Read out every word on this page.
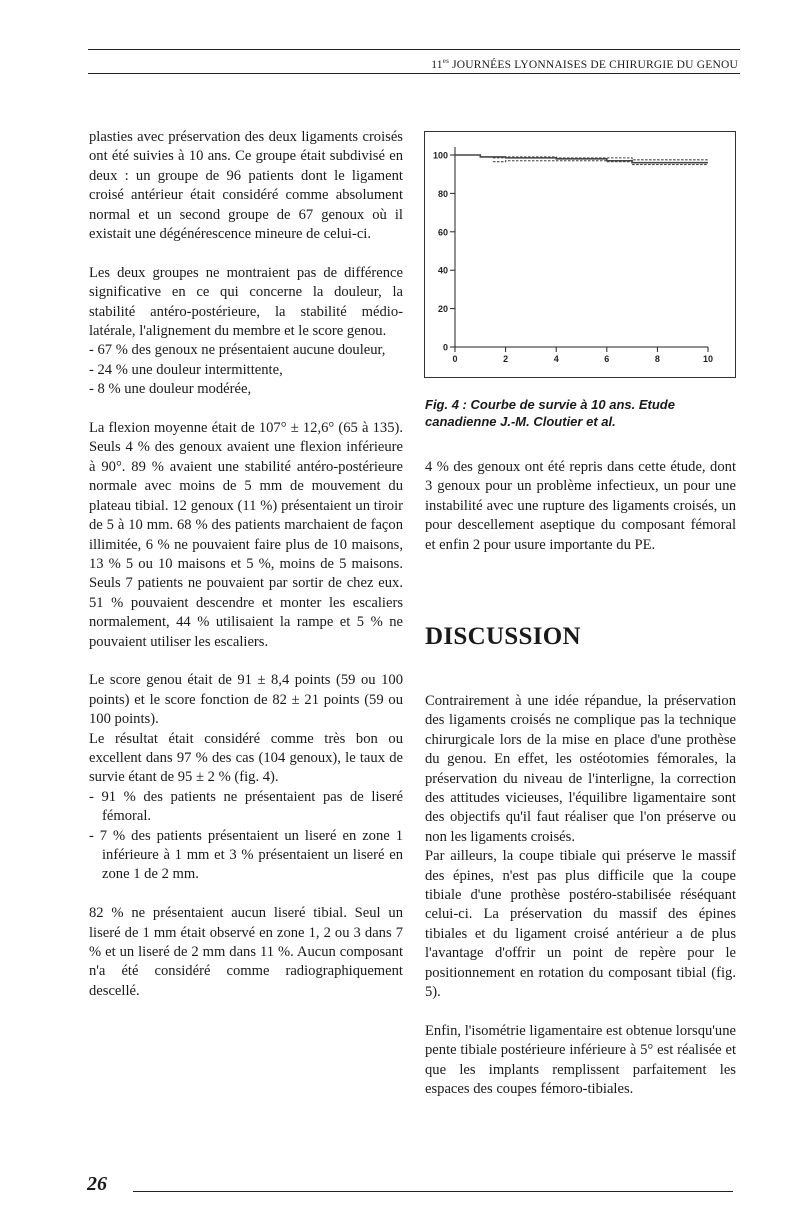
$11^{es}$ JOURNÉES LYONNAISES DE CHIRURGIE DU GENOU

plasties avec préservation des deux ligaments croisés ont été suivies à 10 ans. Ce groupe était subdivisé en deux : un groupe de 96 patients dont le ligament croisé antérieur était considéré comme absolument normal et un second groupe de 67 genoux où il existait une dégénérescence mineure de celui-ci.

Les deux groupes ne montraient pas de différence significative en ce qui concerne la douleur, la stabilité antéro-postérieure, la stabilité médio-latérale, l'alignement du membre et le score genou.

- 67 % des genoux ne présentaient aucune douleur,

- 24 % une douleur intermittente,

- 8 % une douleur modérée,

La flexion moyenne était de 107° ± 12,6° (65 à 135). Seuls 4 % des genoux avaient une flexion inférieure à 90°. 89 % avaient une stabilité antéro-postérieure normale avec moins de 5 mm de mouvement du plateau tibial. 12 genoux (11 %) présentaient un tiroir de 5 à 10 mm. 68 % des patients marchaient de façon illimitée, 6 % ne pouvaient faire plus de 10 maisons, 13 % 5 ou 10 maisons et 5 %, moins de 5 maisons. Seuls 7 patients ne pouvaient par sortir de chez eux. 51 % pouvaient descendre et monter les escaliers normalement, 44 % utilisaient la rampe et 5 % ne pouvaient utiliser les escaliers.

Le score genou était de 91 ± 8,4 points (59 ou 100 points) et le score fonction de 82 ± 21 points (59 ou 100 points).

Le résultat était considéré comme très bon ou excellent dans 97 % des cas (104 genoux), le taux de survie étant de 95 ± 2 % (fig. 4).

- 91 % des patients ne présentaient pas de liseré fémoral.

- 7 % des patients présentaient un liseré en zone 1 inférieure à 1 mm et 3 % présentaient un liseré en zone 1 de 2 mm.

82 % ne présentaient aucun liseré tibial. Seul un liseré de 1 mm était observé en zone 1, 2 ou 3 dans 7 % et un liseré de 2 mm dans 11 %. Aucun composant n'a été considéré comme radiographiquement descellé.

0
20
40
60
80
100
0	2	4	6	8	10
Fig. 4 : Courbe de survie à 10 ans. Etude canadienne J.-M. Cloutier et al.

4 % des genoux ont été repris dans cette étude, dont 3 genoux pour un problème infectieux, un pour une instabilité avec une rupture des ligaments croisés, un pour descellement aseptique du composant fémoral et enfin 2 pour usure importante du PE.

DISCUSSION

Contrairement à une idée répandue, la préservation des ligaments croisés ne complique pas la technique chirurgicale lors de la mise en place d'une prothèse du genou. En effet, les ostéotomies fémorales, la préservation du niveau de l'interligne, la correction des attitudes vicieuses, l'équilibre ligamentaire sont des objectifs qu'il faut réaliser que l'on préserve ou non les ligaments croisés.

Par ailleurs, la coupe tibiale qui préserve le massif des épines, n'est pas plus difficile que la coupe tibiale d'une prothèse postéro-stabilisée réséquant celui-ci. La préservation du massif des épines tibiales et du ligament croisé antérieur a de plus l'avantage d'offrir un point de repère pour le positionnement en rotation du composant tibial (fig. 5).

Enfin, l'isométrie ligamentaire est obtenue lorsqu'une pente tibiale postérieure inférieure à 5° est réalisée et que les implants remplissent parfaitement les espaces des coupes fémoro-tibiales.

26
